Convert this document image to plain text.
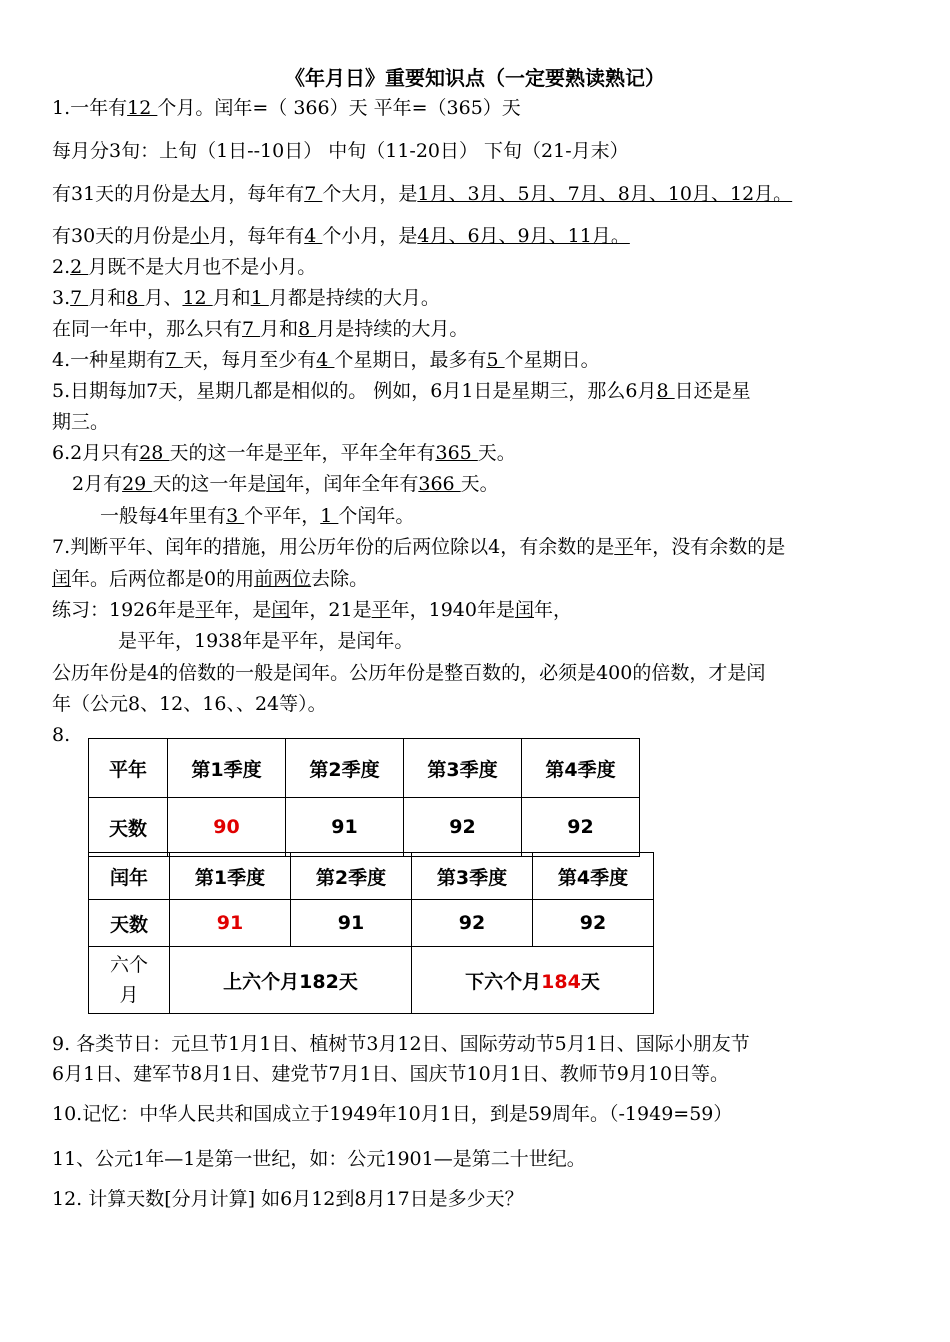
《年月日》重要知识点（一定要熟读熟记）
1.一年有12 个月。闰年=（ 366）天 平年=（365）天
每月分3旬：上旬（1日--10日） 中旬（11-20日） 下旬（21-月末）
有31天的月份是大月，每年有7 个大月，是1月、3月、5月、7月、8月、10月、12月。
有30天的月份是小月，每年有4 个小月，是4月、6月、9月、11月。
2.2 月既不是大月也不是小月。
3.7 月和8 月、12 月和1 月都是持续的大月。
在同一年中，那么只有7 月和8 月是持续的大月。
4.一种星期有7 天，每月至少有4 个星期日，最多有5 个星期日。
5.日期每加7天，星期几都是相似的。 例如，6月1日是星期三，那么6月8 日还是星
期三。
6.2月只有28 天的这一年是平年，平年全年有365 天。
2月有29 天的这一年是闰年，闰年全年有366 天。
一般每4年里有3 个平年，1 个闰年。
7.判断平年、闰年的措施，用公历年份的后两位除以4，有余数的是平年，没有余数的是
闰年。后两位都是0的用前两位去除。
练习：1926年是平年，是闰年，21是平年，1940年是闰年，
是平年，1938年是平年，是闰年。
公历年份是4的倍数的一般是闰年。公历年份是整百数的，必须是400的倍数，才是闰
年（公元8、12、16、、24等）。
8.
平年	第1季度	第2季度	第3季度	第4季度
天数	90	91	92	92
闰年	第1季度	第2季度	第3季度	第4季度
天数	91	91	92	92
六个月	上六个月182天		下六个月184天	
9. 各类节日：元旦节1月1日、植树节3月12日、国际劳动节5月1日、国际小朋友节
6月1日、建军节8月1日、建党节7月1日、国庆节10月1日、教师节9月10日等。
10.记忆：中华人民共和国成立于1949年10月1日，到是59周年。（-1949=59）
11、公元1年—1是第一世纪，如：公元1901—是第二十世纪。
12. 计算天数[分月计算] 如6月12到8月17日是多少天？
